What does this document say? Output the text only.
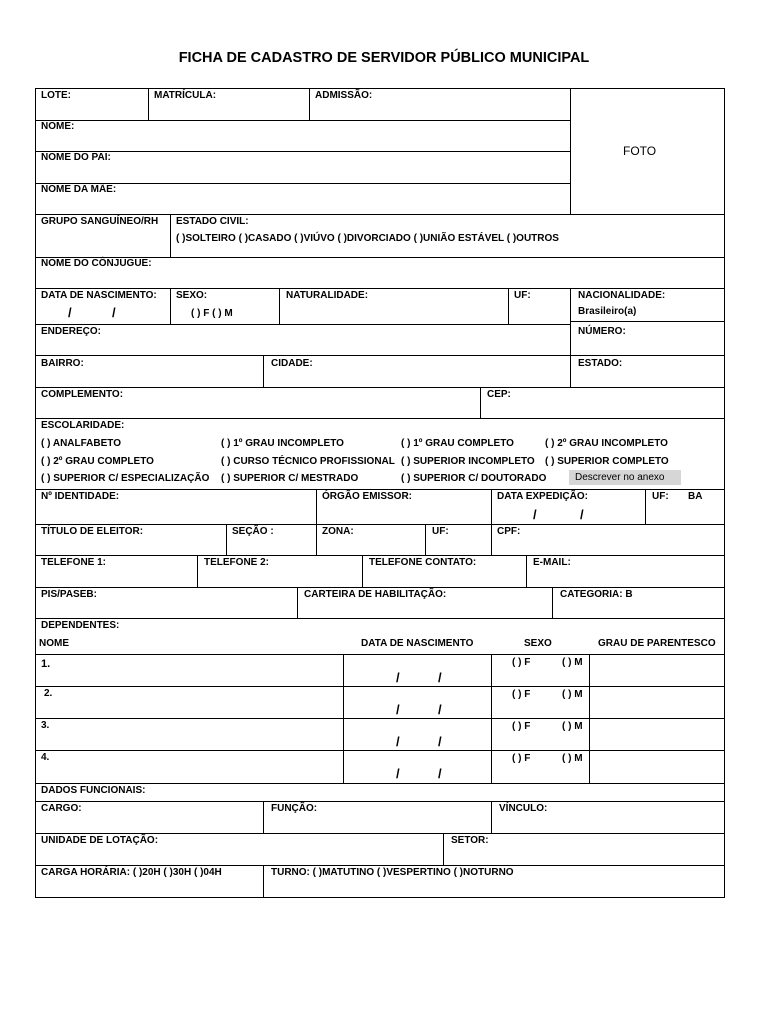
FICHA DE CADASTRO DE SERVIDOR PÚBLICO MUNICIPAL
FOTO
LOTE:	MATRÍCULA:	ADMISSÃO:
NOME:
NOME DO PAI:
NOME DA MÃE:
GRUPO SANGUÍNEO/RH ESTADO CIVIL:
( )SOLTEIRO ( )CASADO ( )VIÚVO ( )DIVORCIADO ( )UNIÃO ESTÁVEL ( )OUTROS
NOME DO CÔNJUGUE:
DATA DE NASCIMENTO:
/	/
SEXO:
( ) F ( ) M
NATURALIDADE:	UF:	NACIONALIDADE:
Brasileiro(a)
ENDEREÇO:	NÚMERO:
BAIRRO:	CIDADE:	ESTADO:
COMPLEMENTO:	CEP:
ESCOLARIDADE:
( ) ANALFABETO	( ) 1º GRAU INCOMPLETO	( ) 1º GRAU COMPLETO	( ) 2º GRAU INCOMPLETO
( ) 2º GRAU COMPLETO	( ) CURSO TÉCNICO PROFISSIONAL ( ) SUPERIOR INCOMPLETO ( ) SUPERIOR COMPLETO
( ) SUPERIOR C/ ESPECIALIZAÇÃO ( ) SUPERIOR C/ MESTRADO	( ) SUPERIOR C/ DOUTORADO	Descrever no anexo
Nº IDENTIDADE:	ÓRGÃO EMISSOR:	DATA EXPEDIÇÃO:
/	/
UF: BA
TÍTULO DE ELEITOR:	SEÇÃO :	ZONA:	UF:	CPF:
TELEFONE 1:	TELEFONE 2:	TELEFONE CONTATO:	E-MAIL:
PIS/PASEB:	CARTEIRA DE HABILITAÇÃO:	CATEGORIA: B
DEPENDENTES:
NOME	DATA DE NASCIMENTO	SEXO	GRAU DE PARENTESCO
1.
/	/
( ) F	( ) M
2.
/	/
( ) F	( ) M
3.
/	/
( ) F	( ) M
4.
/	/
( ) F	( ) M
DADOS FUNCIONAIS:
CARGO:	FUNÇÃO:	VÍNCULO:
UNIDADE DE LOTAÇÃO:	SETOR:
CARGA HORÁRIA: ( )20H ( )30H ( )04H	TURNO: ( )MATUTINO ( )VESPERTINO ( )NOTURNO
